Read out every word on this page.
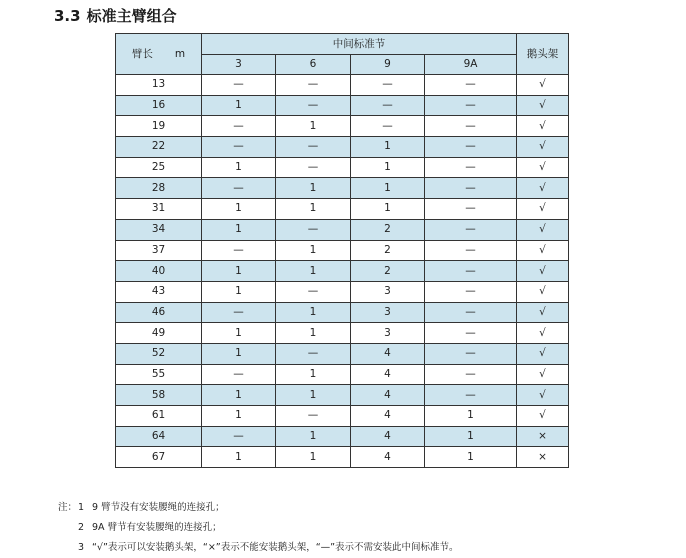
3.3 标准主臂组合
臂长 m	中间标准节				鹅头架
	3	6	9	9A	
13	—	—	—	—	√
16	1	—	—	—	√
19	—	1	—	—	√
22	—	—	1	—	√
25	1	—	1	—	√
28	—	1	1	—	√
31	1	1	1	—	√
34	1	—	2	—	√
37	—	1	2	—	√
40	1	1	2	—	√
43	1	—	3	—	√
46	—	1	3	—	√
49	1	1	3	—	√
52	1	—	4	—	√
55	—	1	4	—	√
58	1	1	4	—	√
61	1	—	4	1	√
64	—	1	4	1	×
67	1	1	4	1	×
注：1 9 臂节没有安装腰绳的连接孔；
2 9A 臂节有安装腰绳的连接孔；
3 “√”表示可以安装鹅头架，“×”表示不能安装鹅头架，“—”表示不需安装此中间标准节。
